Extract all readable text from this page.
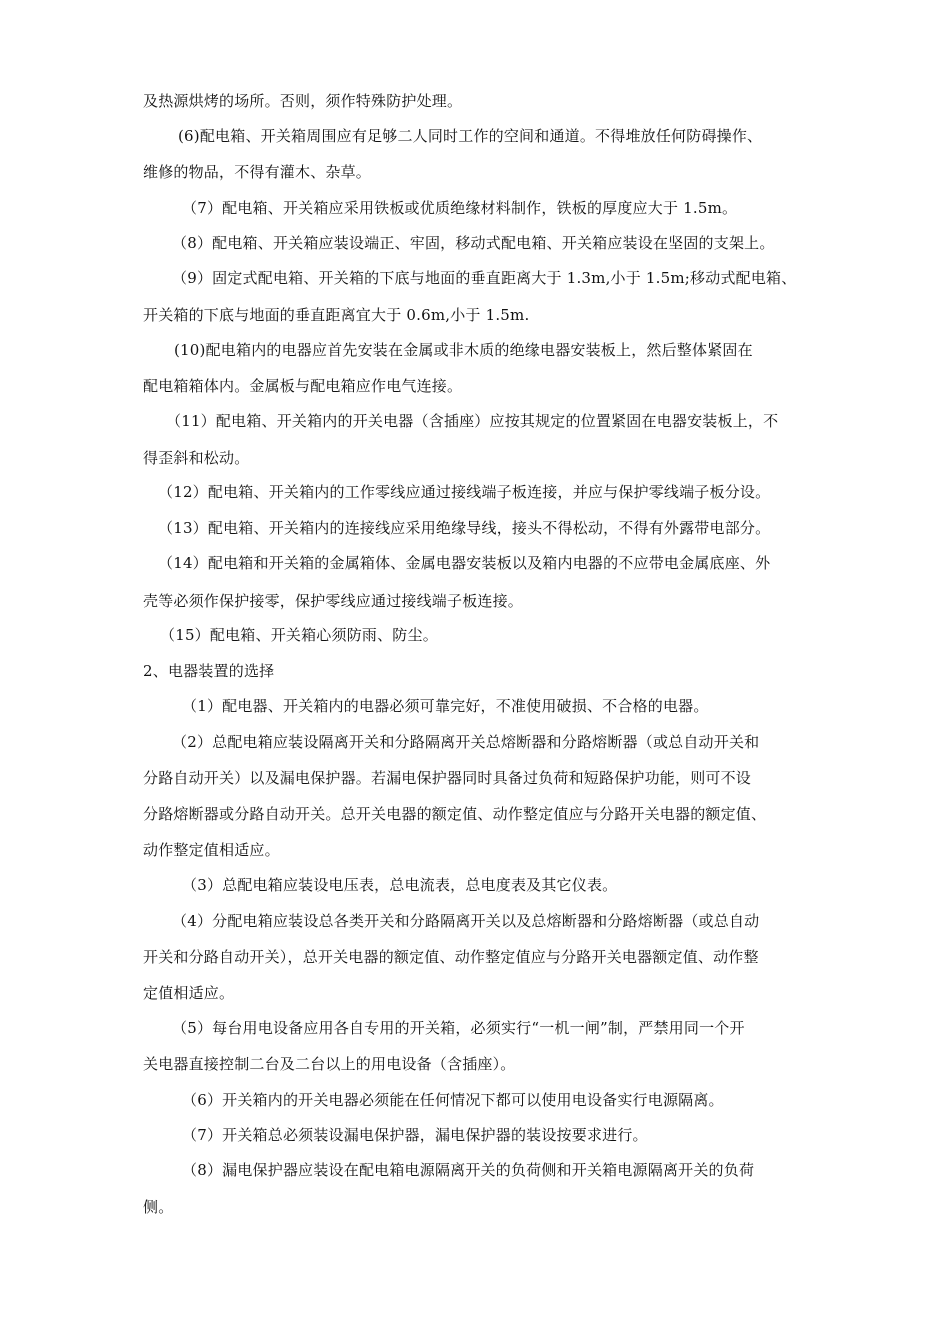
及热源烘烤的场所。否则，须作特殊防护处理。
(6)配电箱、开关箱周围应有足够二人同时工作的空间和通道。不得堆放任何防碍操作、
维修的物品，不得有灌木、杂草。
（7）配电箱、开关箱应采用铁板或优质绝缘材料制作，铁板的厚度应大于 1.5m。
（8）配电箱、开关箱应装设端正、牢固，移动式配电箱、开关箱应装设在坚固的支架上。
（9）固定式配电箱、开关箱的下底与地面的垂直距离大于 1.3m,小于 1.5m;移动式配电箱、
开关箱的下底与地面的垂直距离宜大于 0.6m,小于 1.5m.
(10)配电箱内的电器应首先安装在金属或非木质的绝缘电器安装板上，然后整体紧固在
配电箱箱体内。金属板与配电箱应作电气连接。
（11）配电箱、开关箱内的开关电器（含插座）应按其规定的位置紧固在电器安装板上，不
得歪斜和松动。
（12）配电箱、开关箱内的工作零线应通过接线端子板连接，并应与保护零线端子板分设。
（13）配电箱、开关箱内的连接线应采用绝缘导线，接头不得松动，不得有外露带电部分。
（14）配电箱和开关箱的金属箱体、金属电器安装板以及箱内电器的不应带电金属底座、外
壳等必须作保护接零，保护零线应通过接线端子板连接。
（15）配电箱、开关箱心须防雨、防尘。
2、电器装置的选择
（1）配电器、开关箱内的电器必须可靠完好，不准使用破损、不合格的电器。
（2）总配电箱应装设隔离开关和分路隔离开关总熔断器和分路熔断器（或总自动开关和
分路自动开关）以及漏电保护器。若漏电保护器同时具备过负荷和短路保护功能，则可不设
分路熔断器或分路自动开关。总开关电器的额定值、动作整定值应与分路开关电器的额定值、
动作整定值相适应。
（3）总配电箱应装设电压表，总电流表，总电度表及其它仪表。
（4）分配电箱应装设总各类开关和分路隔离开关以及总熔断器和分路熔断器（或总自动
开关和分路自动开关），总开关电器的额定值、动作整定值应与分路开关电器额定值、动作整
定值相适应。
（5）每台用电设备应用各自专用的开关箱，必须实行“一机一闸”制，严禁用同一个开
关电器直接控制二台及二台以上的用电设备（含插座）。
（6）开关箱内的开关电器必须能在任何情况下都可以使用电设备实行电源隔离。
（7）开关箱总必须装设漏电保护器，漏电保护器的装设按要求进行。
（8）漏电保护器应装设在配电箱电源隔离开关的负荷侧和开关箱电源隔离开关的负荷
侧。
